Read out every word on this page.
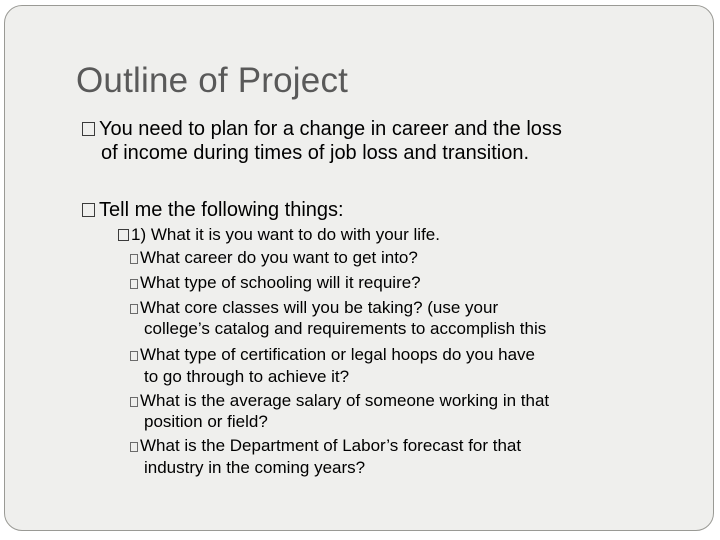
Outline of Project
You need to plan for a change in career and the loss
of income during times of job loss and transition.
Tell me the following things:
1) What it is you want to do with your life.
What career do you want to get into?
What type of schooling will it require?
What core classes will you be taking? (use your
college’s catalog and requirements to accomplish this
What type of certification or legal hoops do you have
to go through to achieve it?
What is the average salary of someone working in that
position or field?
What is the Department of Labor’s forecast for that
industry in the coming years?
